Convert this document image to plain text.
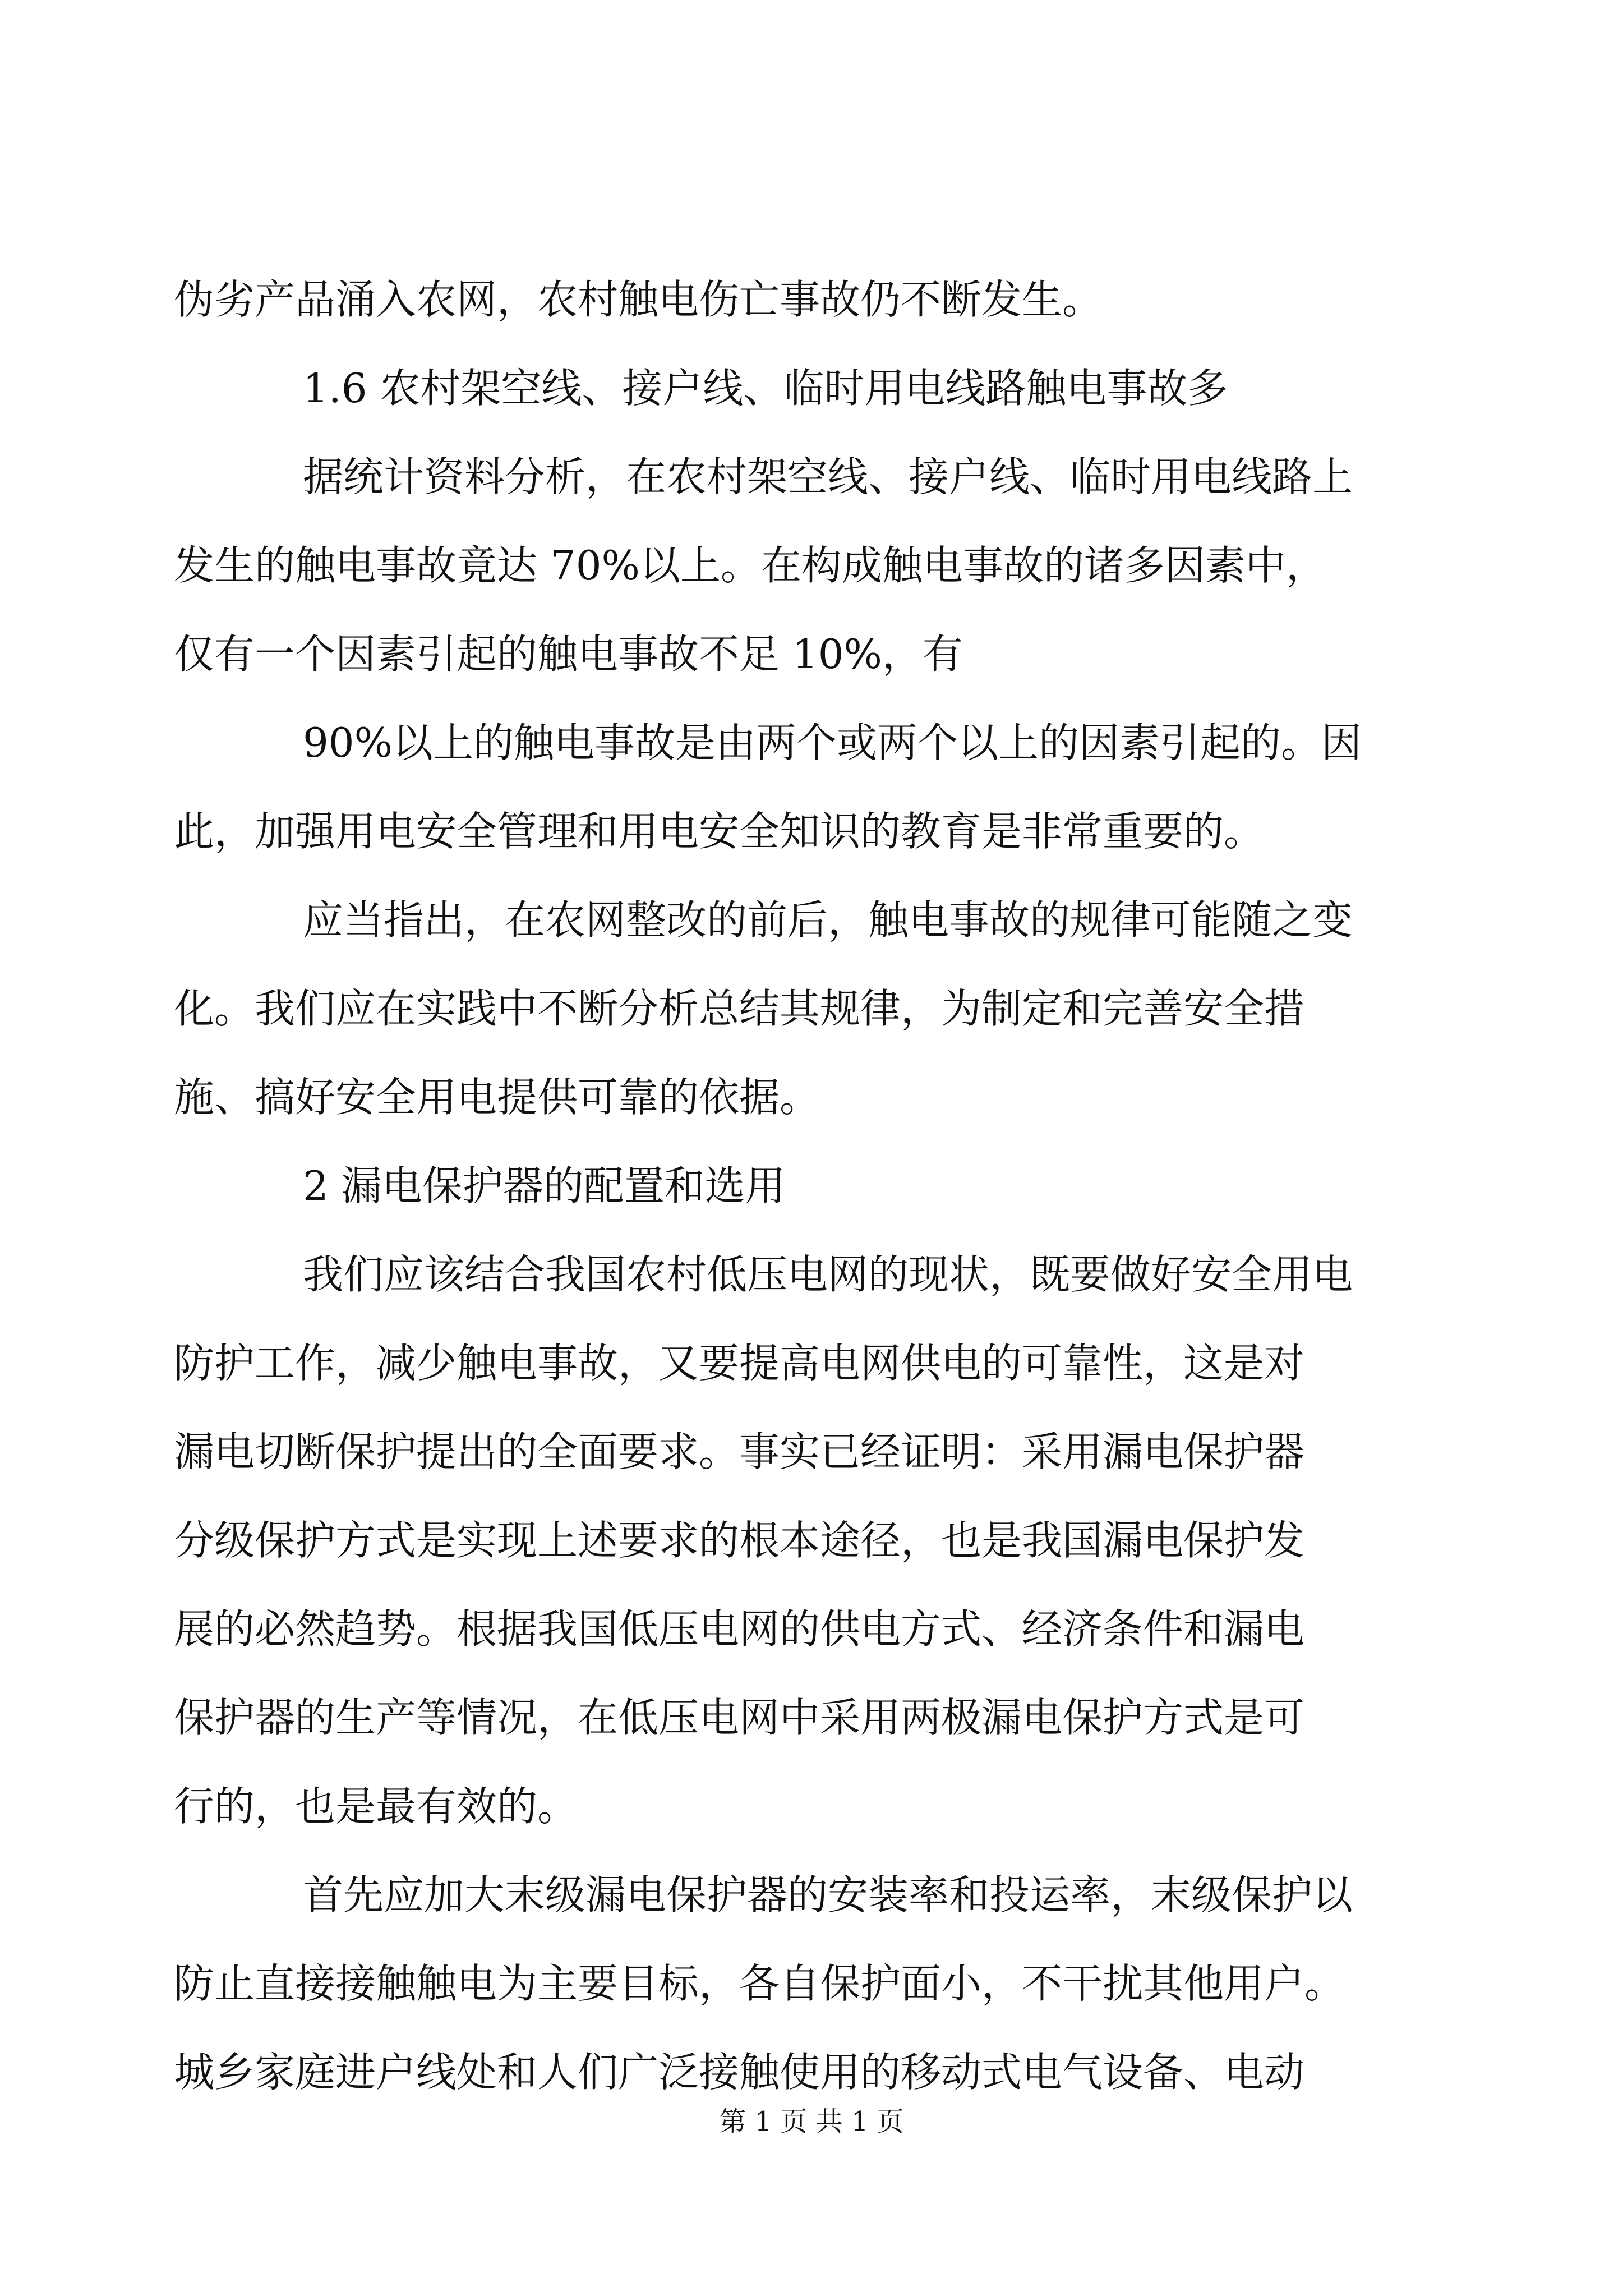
伪劣产品涌入农网，农村触电伤亡事故仍不断发生。
1.6 农村架空线、接户线、临时用电线路触电事故多
据统计资料分析，在农村架空线、接户线、临时用电线路上
发生的触电事故竟达 70%以上。在构成触电事故的诸多因素中，
仅有一个因素引起的触电事故不足 10%，有
90%以上的触电事故是由两个或两个以上的因素引起的。因
此，加强用电安全管理和用电安全知识的教育是非常重要的。
应当指出，在农网整改的前后，触电事故的规律可能随之变
化。我们应在实践中不断分析总结其规律，为制定和完善安全措
施、搞好安全用电提供可靠的依据。
2 漏电保护器的配置和选用
我们应该结合我国农村低压电网的现状，既要做好安全用电
防护工作，减少触电事故，又要提高电网供电的可靠性，这是对
漏电切断保护提出的全面要求。事实已经证明：采用漏电保护器
分级保护方式是实现上述要求的根本途径，也是我国漏电保护发
展的必然趋势。根据我国低压电网的供电方式、经济条件和漏电
保护器的生产等情况，在低压电网中采用两极漏电保护方式是可
行的，也是最有效的。
首先应加大末级漏电保护器的安装率和投运率，末级保护以
防止直接接触触电为主要目标，各自保护面小，不干扰其他用户。
城乡家庭进户线处和人们广泛接触使用的移动式电气设备、电动
第 1 页 共 1 页
